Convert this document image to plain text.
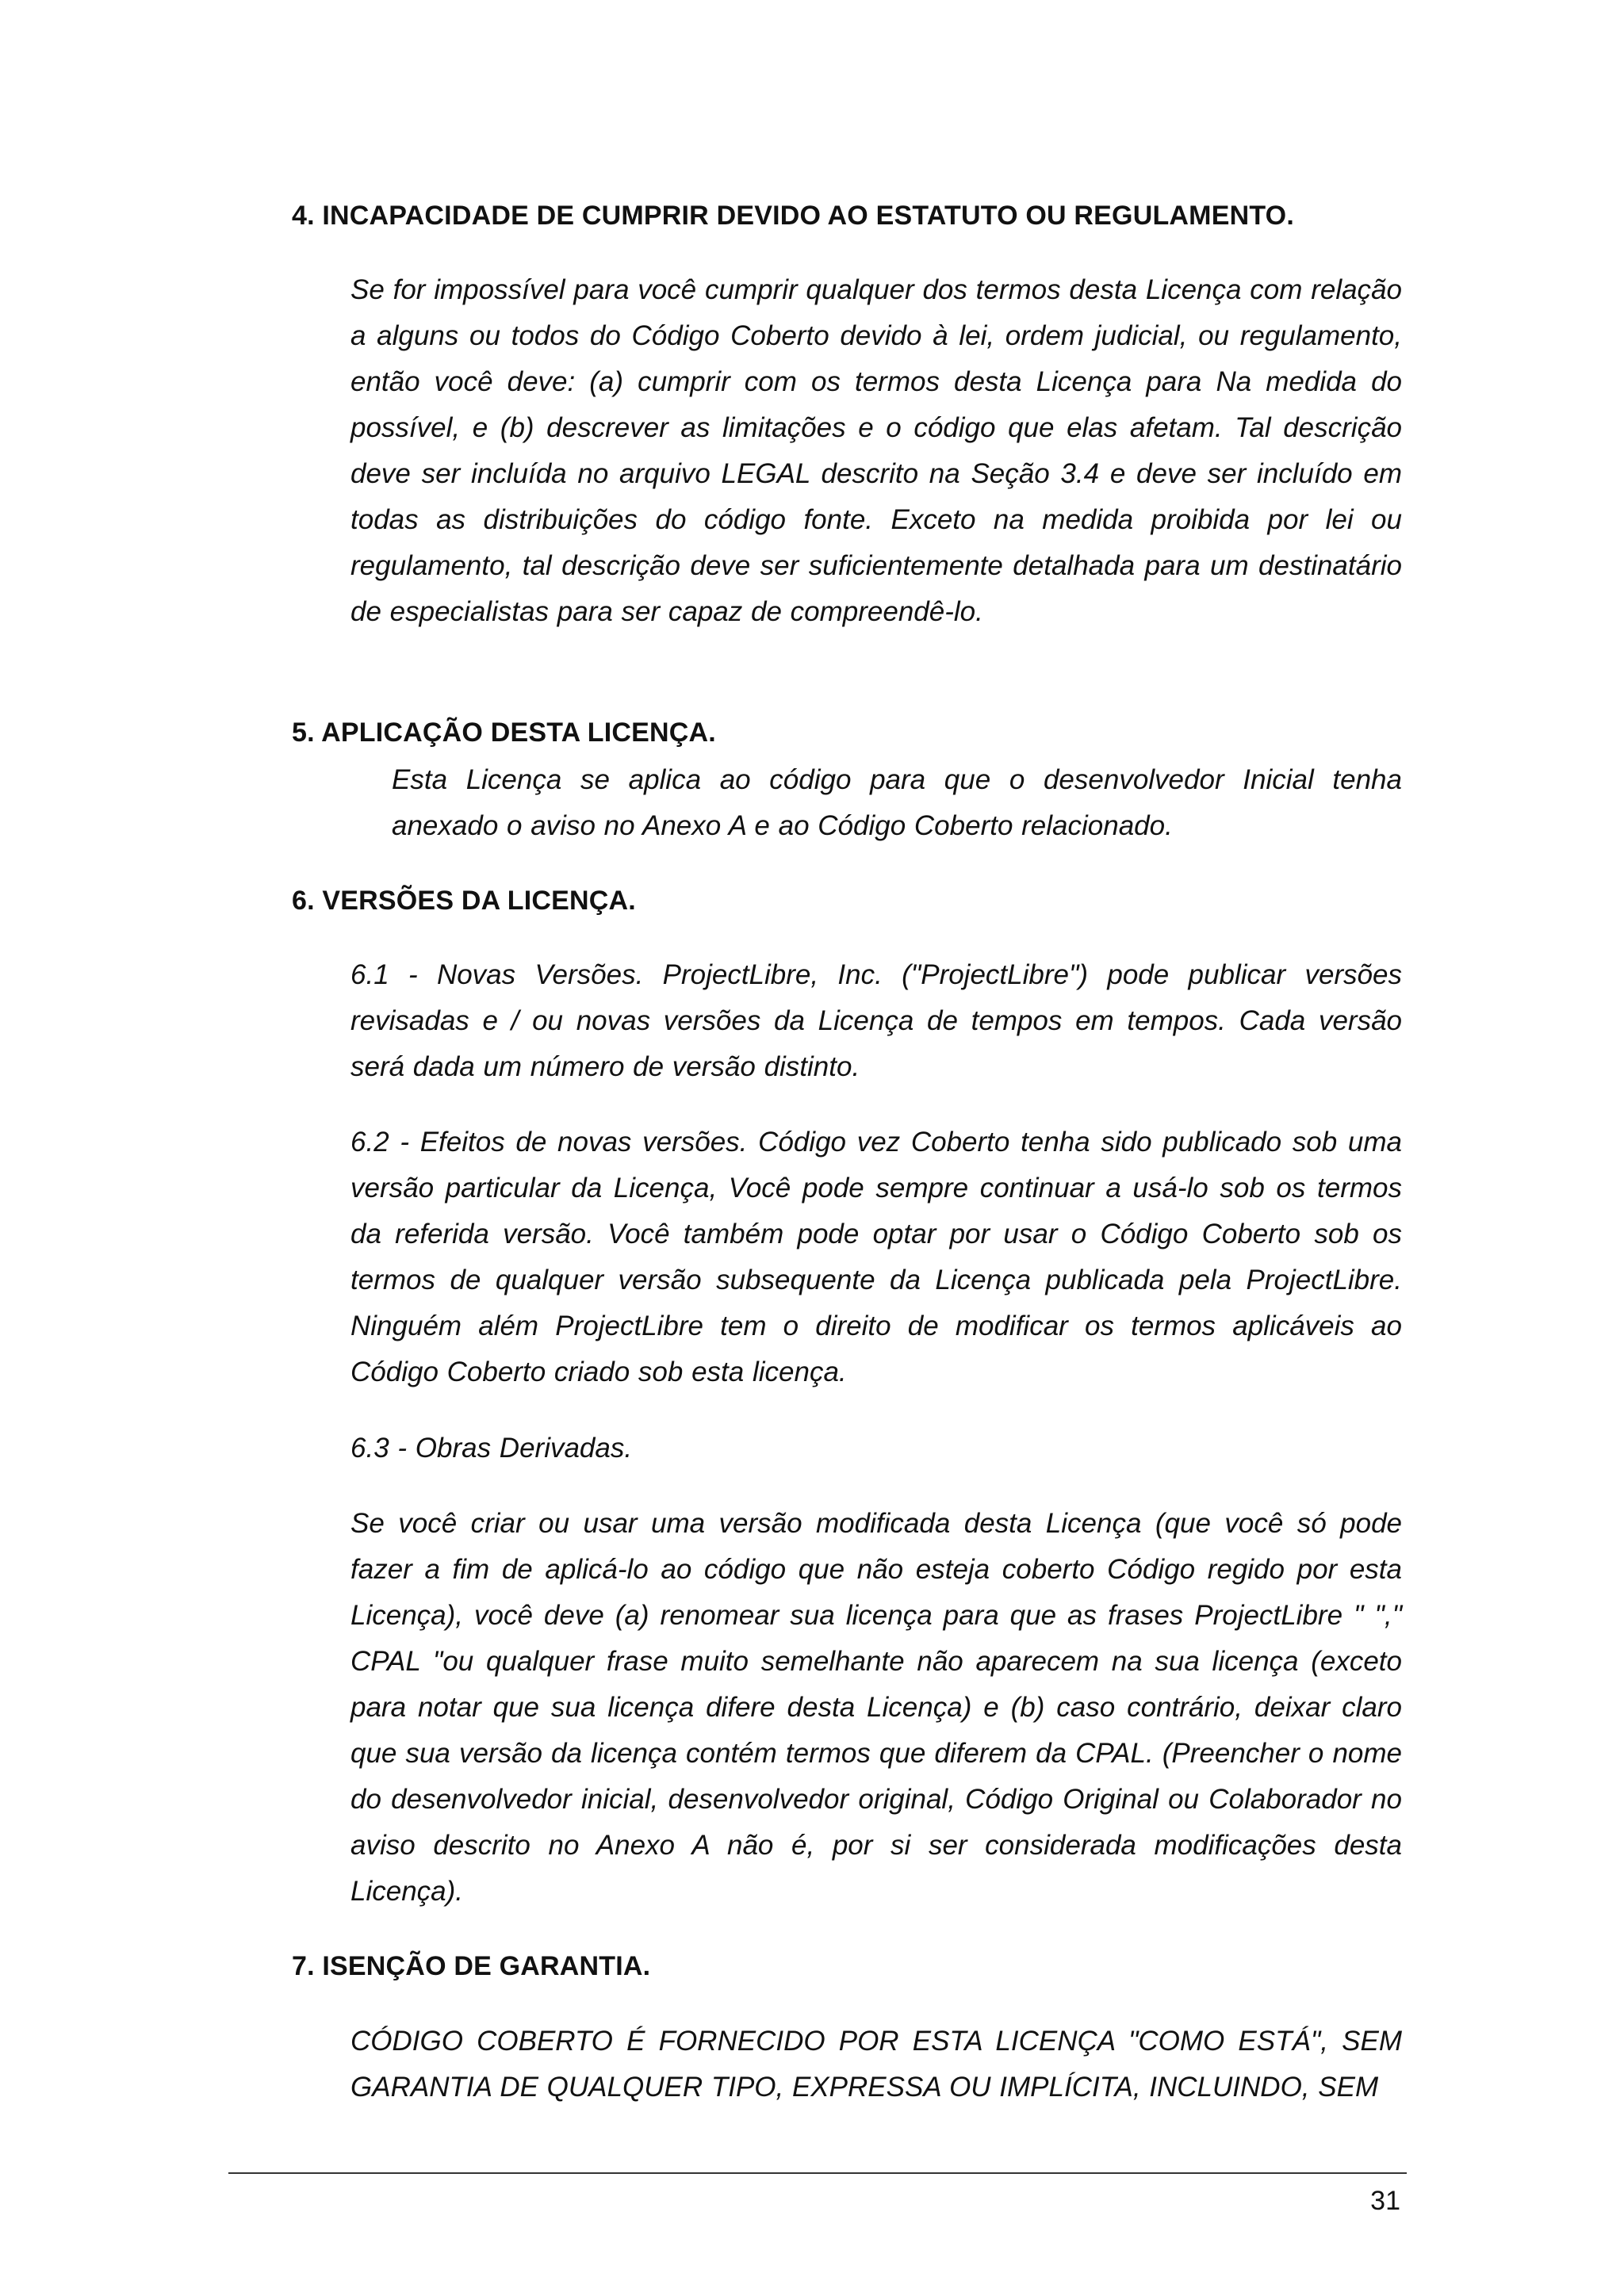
4. INCAPACIDADE DE CUMPRIR DEVIDO AO ESTATUTO OU REGULAMENTO.
Se for impossível para você cumprir qualquer dos termos desta Licença com relação a alguns ou todos do Código Coberto devido à lei, ordem judicial, ou regulamento, então você deve: (a) cumprir com os termos desta Licença para Na medida do possível, e (b) descrever as limitações e o código que elas afetam. Tal descrição deve ser incluída no arquivo LEGAL descrito na Seção 3.4 e deve ser incluído em todas as distribuições do código fonte. Exceto na medida proibida por lei ou regulamento, tal descrição deve ser suficientemente detalhada para um destinatário de especialistas para ser capaz de compreendê-lo.
5. APLICAÇÃO DESTA LICENÇA.
Esta Licença se aplica ao código para que o desenvolvedor Inicial tenha anexado o aviso no Anexo A e ao Código Coberto relacionado.
6. VERSÕES DA LICENÇA.
6.1 - Novas Versões. ProjectLibre, Inc. ("ProjectLibre") pode publicar versões revisadas e / ou novas versões da Licença de tempos em tempos. Cada versão será dada um número de versão distinto.
6.2 - Efeitos de novas versões. Código vez Coberto tenha sido publicado sob uma versão particular da Licença, Você pode sempre continuar a usá-lo sob os termos da referida versão. Você também pode optar por usar o Código Coberto sob os termos de qualquer versão subsequente da Licença publicada pela ProjectLibre. Ninguém além ProjectLibre tem o direito de modificar os termos aplicáveis ao Código Coberto criado sob esta licença.
6.3 - Obras Derivadas.
Se você criar ou usar uma versão modificada desta Licença (que você só pode fazer a fim de aplicá-lo ao código que não esteja coberto Código regido por esta Licença), você deve (a) renomear sua licença para que as frases ProjectLibre " "," CPAL "ou qualquer frase muito semelhante não aparecem na sua licença (exceto para notar que sua licença difere desta Licença) e (b) caso contrário, deixar claro que sua versão da licença contém termos que diferem da CPAL. (Preencher o nome do desenvolvedor inicial, desenvolvedor original, Código Original ou Colaborador no aviso descrito no Anexo A não é, por si ser considerada modificações desta Licença).
7. ISENÇÃO DE GARANTIA.
CÓDIGO COBERTO É FORNECIDO POR ESTA LICENÇA "COMO ESTÁ", SEM GARANTIA DE QUALQUER TIPO, EXPRESSA OU IMPLÍCITA, INCLUINDO, SEM
31
